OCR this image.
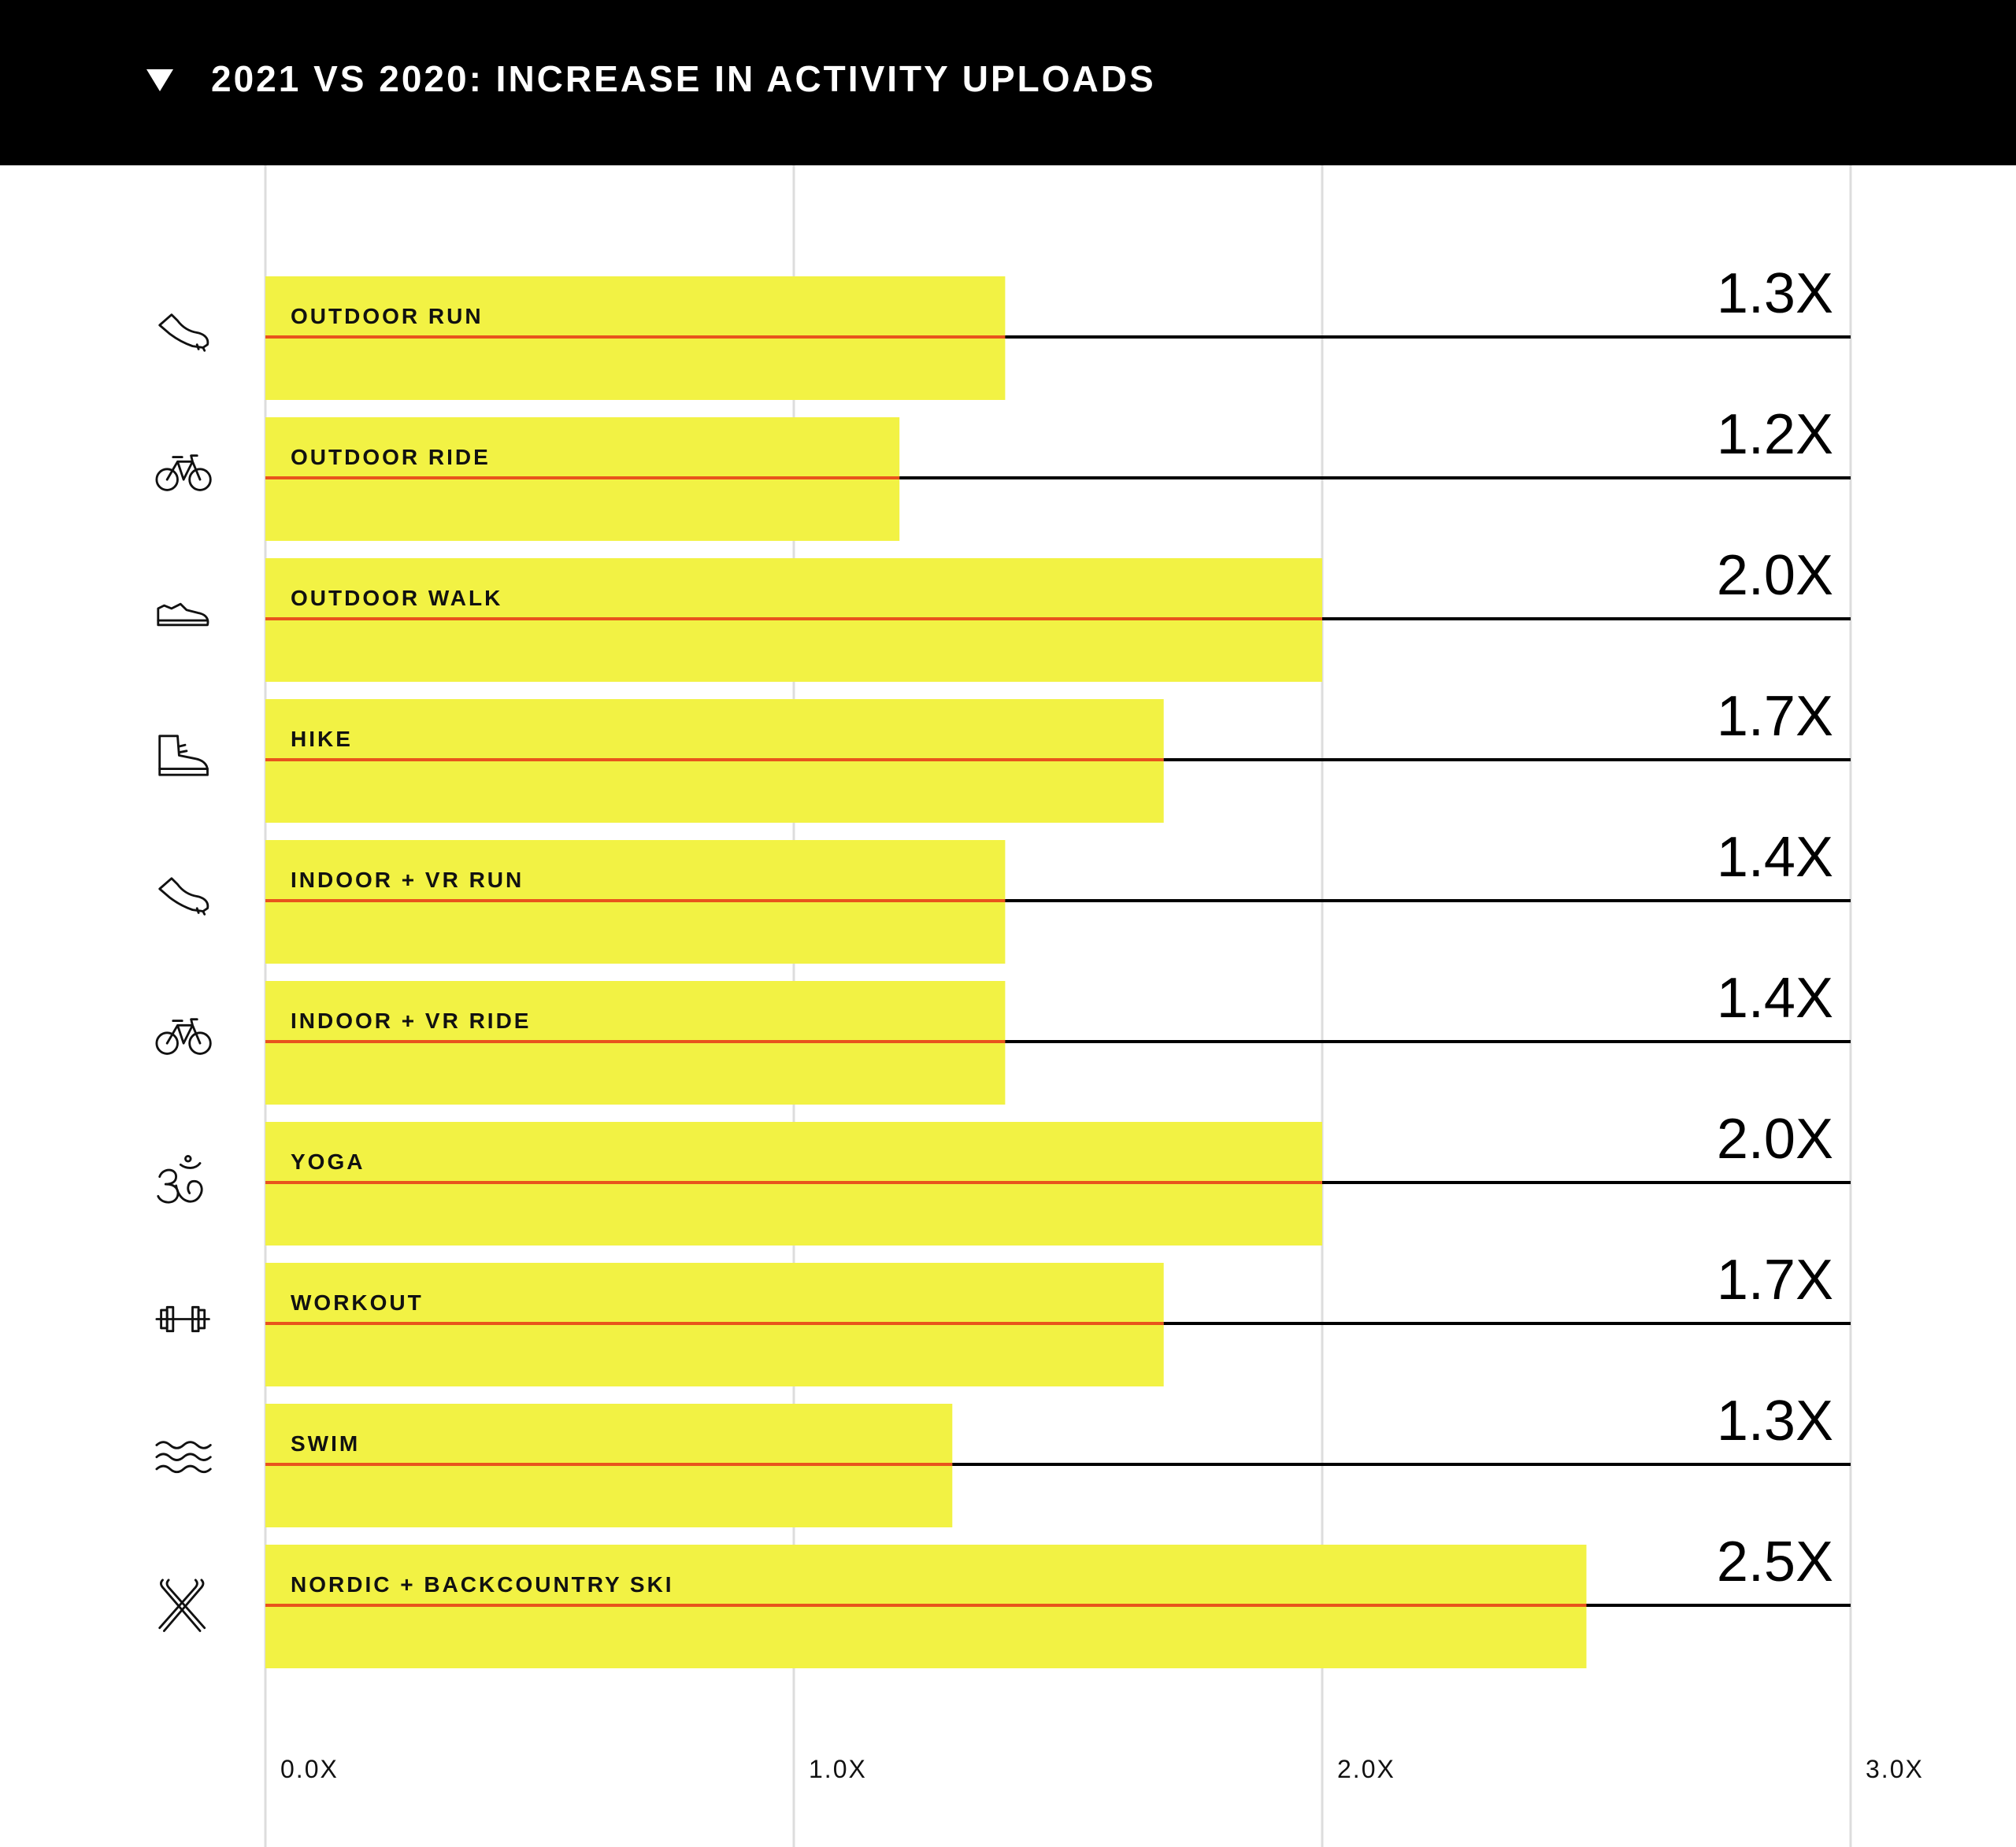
2021 VS 2020: INCREASE IN ACTIVITY UPLOADS
OUTDOOR RUN	1.3X
OUTDOOR RIDE	1.2X
OUTDOOR WALK	2.0X
HIKE	1.7X
INDOOR + VR RUN	1.4X
INDOOR + VR RIDE	1.4X
YOGA	2.0X
WORKOUT	1.7X
SWIM	1.3X
NORDIC + BACKCOUNTRY SKI	2.5X
0.0X	1.0X	2.0X	3.0X
